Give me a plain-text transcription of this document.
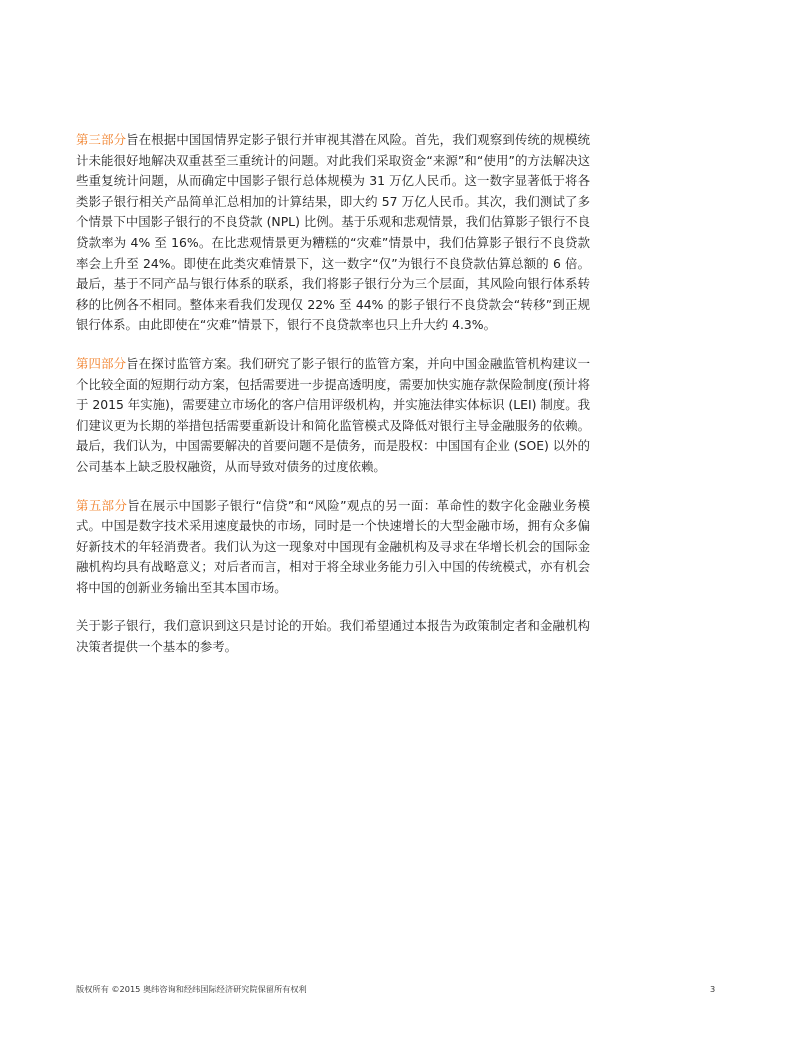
第三部分旨在根据中国国情界定影子银行并审视其潜在风险。首先，我们观察到传统的规模统计未能很好地解决双重甚至三重统计的问题。对此我们采取资金“来源”和“使用”的方法解决这些重复统计问题，从而确定中国影子银行总体规模为 31 万亿人民币。这一数字显著低于将各类影子银行相关产品简单汇总相加的计算结果，即大约 57 万亿人民币。其次，我们测试了多个情景下中国影子银行的不良贷款 (NPL) 比例。基于乐观和悲观情景，我们估算影子银行不良贷款率为 4% 至 16%。在比悲观情景更为糟糕的“灾难”情景中，我们估算影子银行不良贷款率会上升至 24%。即使在此类灾难情景下，这一数字“仅”为银行不良贷款估算总额的 6 倍。最后，基于不同产品与银行体系的联系，我们将影子银行分为三个层面，其风险向银行体系转移的比例各不相同。整体来看我们发现仅 22% 至 44% 的影子银行不良贷款会“转移”到正规银行体系。由此即使在“灾难”情景下，银行不良贷款率也只上升大约 4.3%。

第四部分旨在探讨监管方案。我们研究了影子银行的监管方案，并向中国金融监管机构建议一个比较全面的短期行动方案，包括需要进一步提高透明度，需要加快实施存款保险制度(预计将于 2015 年实施)，需要建立市场化的客户信用评级机构，并实施法律实体标识 (LEI) 制度。我们建议更为长期的举措包括需要重新设计和简化监管模式及降低对银行主导金融服务的依赖。最后，我们认为，中国需要解决的首要问题不是债务，而是股权：中国国有企业 (SOE) 以外的公司基本上缺乏股权融资，从而导致对债务的过度依赖。

第五部分旨在展示中国影子银行“信贷”和“风险”观点的另一面：革命性的数字化金融业务模式。中国是数字技术采用速度最快的市场，同时是一个快速增长的大型金融市场，拥有众多偏好新技术的年轻消费者。我们认为这一现象对中国现有金融机构及寻求在华增长机会的国际金融机构均具有战略意义；对后者而言，相对于将全球业务能力引入中国的传统模式，亦有机会将中国的创新业务输出至其本国市场。

关于影子银行，我们意识到这只是讨论的开始。我们希望通过本报告为政策制定者和金融机构决策者提供一个基本的参考。

版权所有 ©2015 奥纬咨询和经纬国际经济研究院保留所有权利	3
